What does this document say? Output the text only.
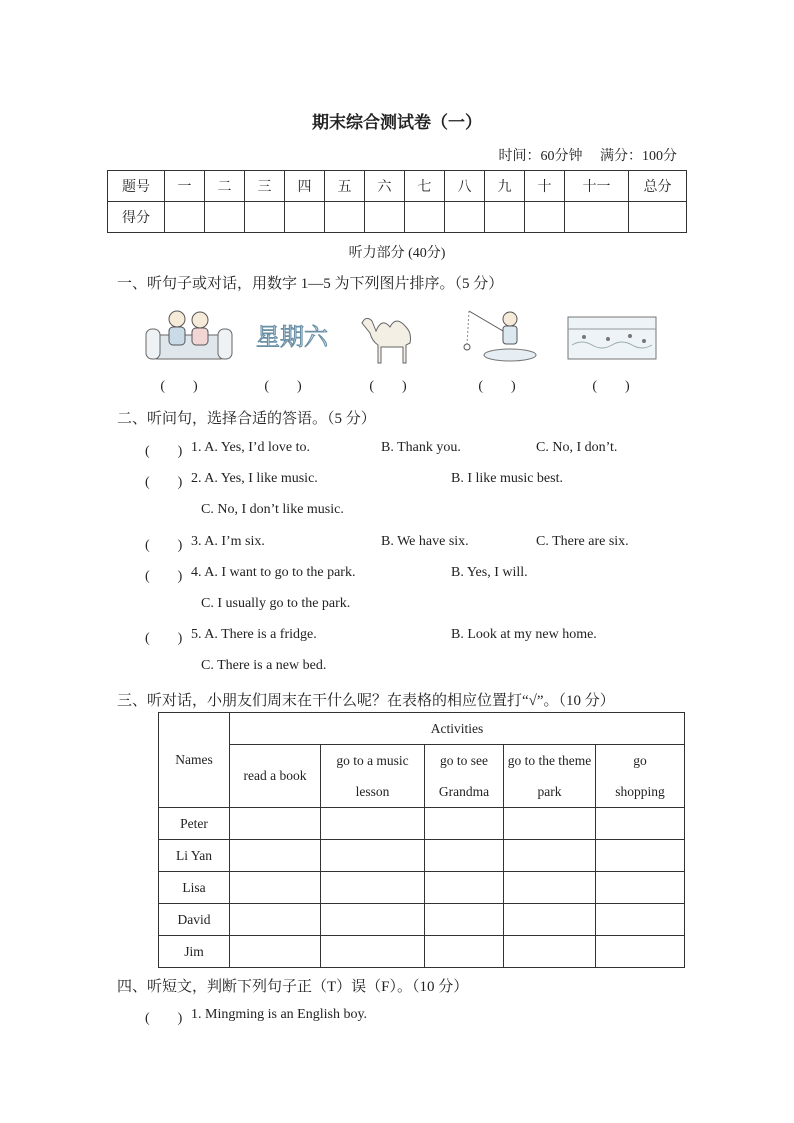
期末综合测试卷（一）
时间：60分钟 满分：100分
题号	一	二	三	四	五	六	七	八	九	十	十一	总分
得分												
听力部分 (40分)
一、听句子或对话，用数字 1—5 为下列图片排序。（5 分）
星期六
(　　)	(　　)	(　　)	(　　)	(　　)
二、听问句，选择合适的答语。（5 分）
(　　) 1. A. Yes, I’d love to.	B. Thank you.	C. No, I don’t.
(　　) 2. A. Yes, I like music.	B. I like music best.
C. No, I don’t like music.
(　　) 3. A. I’m six.	B. We have six.	C. There are six.
(　　) 4. A. I want to go to the park.	B. Yes, I will.
C. I usually go to the park.
(　　) 5. A. There is a fridge.	B. Look at my new home.
C. There is a new bed.
三、听对话，小朋友们周末在干什么呢？在表格的相应位置打“√”。（10 分）
Names	Activities				
	read a book	go to a music lesson	go to see Grandma	go to the theme park	go shopping
Peter					
Li Yan					
Lisa					
David					
Jim					
四、听短文，判断下列句子正（T）误（F）。（10 分）
(　　) 1. Mingming is an English boy.
